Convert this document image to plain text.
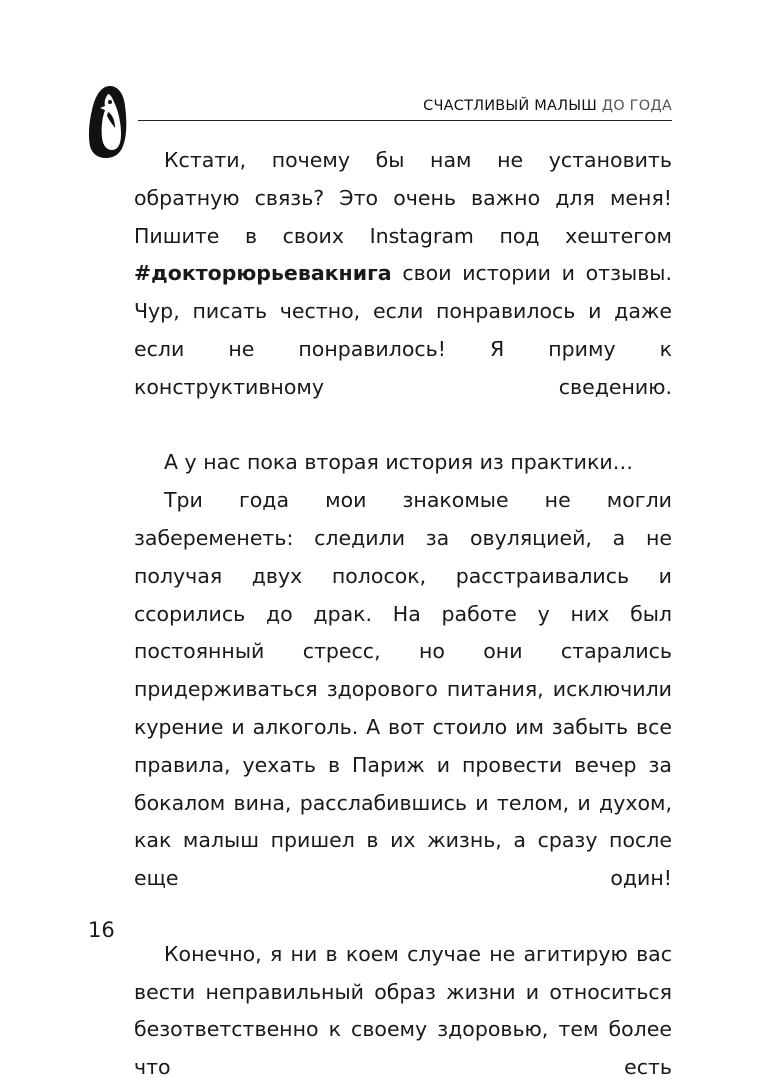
СЧАСТЛИВЫЙ МАЛЫШ ДО ГОДА

Кстати, почему бы нам не установить обратную связь? Это очень важно для меня! Пишите в своих Instagram под хештегом #докторюрьевакнига свои истории и отзывы. Чур, писать честно, если понравилось и даже если не понравилось! Я приму к конструктивному сведению.

А у нас пока вторая история из практики…

Три года мои знакомые не могли забеременеть: следили за овуляцией, а не получая двух полосок, расстраивались и ссорились до драк. На работе у них был постоянный стресс, но они старались придерживаться здорового питания, исключили курение и алкоголь. А вот стоило им забыть все правила, уехать в Париж и провести вечер за бокалом вина, расслабившись и телом, и духом, как малыш пришел в их жизнь, а сразу после еще один!

Конечно, я ни в коем случае не агитирую вас вести неправильный образ жизни и относиться безответственно к своему здоровью, тем более что есть

16
